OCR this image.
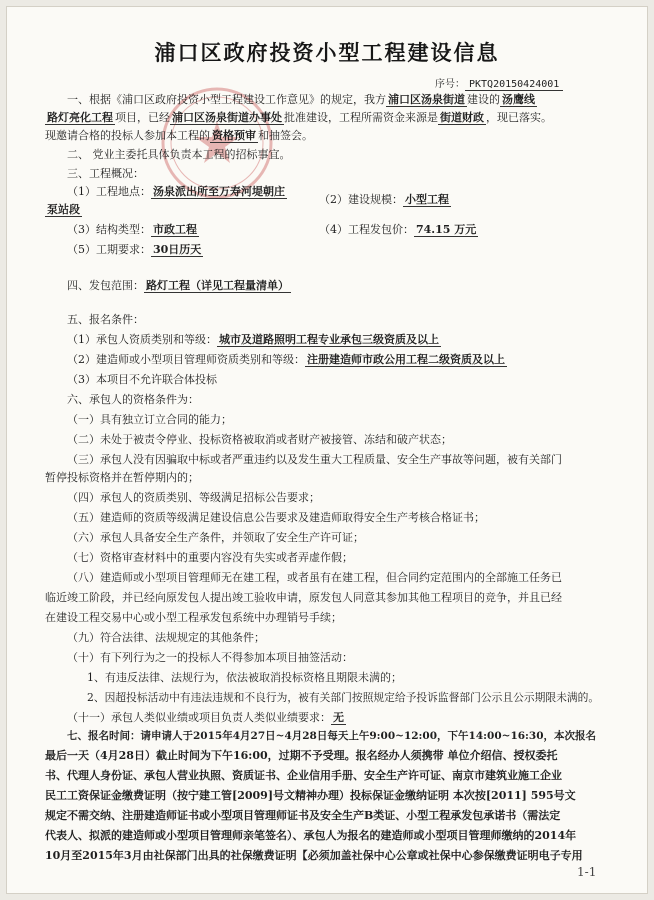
浦口区政府投资小型工程建设信息
序号： PKTQ20150424001
一、根据《浦口区政府投资小型工程建设工作意见》的规定，我方 浦口区汤泉街道 建设的 汤鹰线
路灯亮化工程 项目，已经 浦口区汤泉街道办事处 批准建设，工程所需资金来源是 街道财政 ，现已落实。
现邀请合格的投标人参加本工程的 资格预审 和抽签会。
二、 党业主委托具体负责本工程的招标事宜。
三、工程概况：
（1）工程地点： 汤泉派出所至万寿河堤朝庄
泵站段
（2）建设规模： 小型工程
（3）结构类型： 市政工程	（4）工程发包价： 74.15 万元
（5）工期要求： 30日历天
四、发包范围： 路灯工程（详见工程量清单）
五、报名条件：
（1）承包人资质类别和等级： 城市及道路照明工程专业承包三级资质及以上
（2）建造师或小型项目管理师资质类别和等级： 注册建造师市政公用工程二级资质及以上
（3）本项目不允许联合体投标
六、承包人的资格条件为：
（一）具有独立订立合同的能力；
（二）未处于被责令停业、投标资格被取消或者财产被接管、冻结和破产状态；
（三）承包人没有因骗取中标或者严重违约以及发生重大工程质量、安全生产事故等问题，被有关部门
暂停投标资格并在暂停期内的；
（四）承包人的资质类别、等级满足招标公告要求；
（五）建造师的资质等级满足建设信息公告要求及建造师取得安全生产考核合格证书；
（六）承包人具备安全生产条件，并领取了安全生产许可证；
（七）资格审查材料中的重要内容没有失实或者弄虚作假；
（八）建造师或小型项目管理师无在建工程，或者虽有在建工程，但合同约定范围内的全部施工任务已
临近竣工阶段，并已经向原发包人提出竣工验收申请，原发包人同意其参加其他工程项目的竞争，并且已经
在建设工程交易中心或小型工程承发包系统中办理销号手续；
（九）符合法律、法规规定的其他条件；
（十）有下列行为之一的投标人不得参加本项目抽签活动：
1、有违反法律、法规行为，依法被取消投标资格且期限未满的；
2、因超投标活动中有违法违规和不良行为，被有关部门按照规定给予投诉监督部门公示且公示期限未满的。
（十一）承包人类似业绩或项目负责人类似业绩要求： 无
七、报名时间：请申请人于2015年4月27日~4月28日每天上午9:00~12:00，下午14:00~16:30，本次报名
最后一天（4月28日）截止时间为下午16:00，过期不予受理。报名经办人须携带 单位介绍信、授权委托
书、代理人身份证、承包人营业执照、资质证书、企业信用手册、安全生产许可证、南京市建筑业施工企业
民工工资保证金缴费证明（按宁建工管[2009]号文精神办理）投标保证金缴纳证明 本次按[2011] 595号文
规定不需交纳、注册建造师证书或小型项目管理师证书及安全生产B类证、小型工程承发包承诺书（需法定
代表人、拟派的建造师或小型项目管理师亲笔签名）、承包人为报名的建造师或小型项目管理师缴纳的2014年
10月至2015年3月由社保部门出具的社保缴费证明【必须加盖社保中心公章或社保中心参保缴费证明电子专用
1-1
